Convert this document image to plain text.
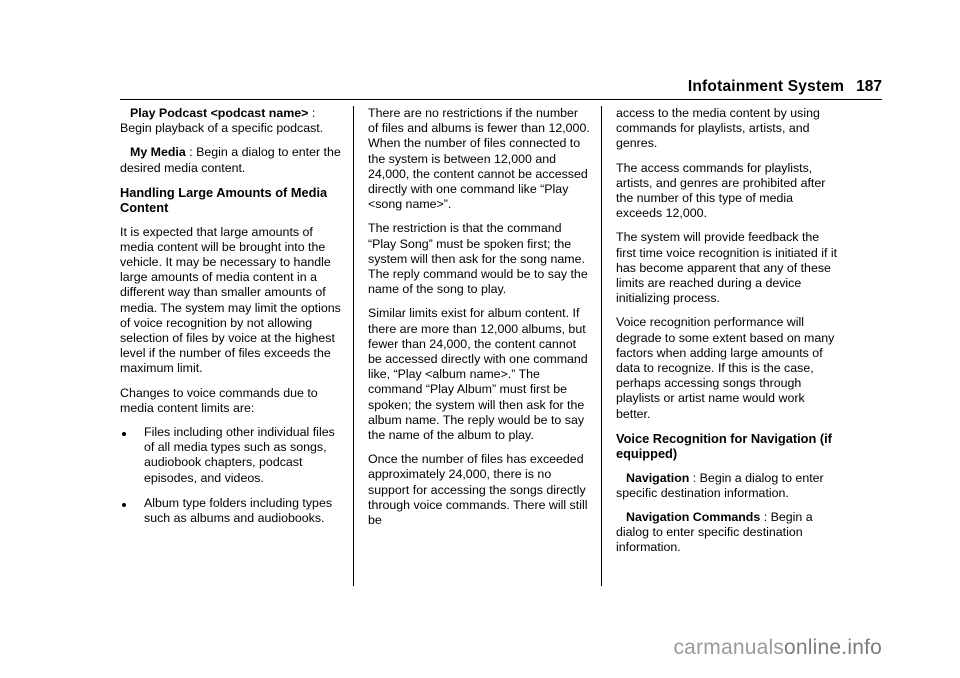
Infotainment System 187

Play Podcast <podcast name> : Begin playback of a specific podcast.

My Media : Begin a dialog to enter the desired media content.

Handling Large Amounts of Media Content

It is expected that large amounts of media content will be brought into the vehicle. It may be necessary to handle large amounts of media content in a different way than smaller amounts of media. The system may limit the options of voice recognition by not allowing selection of files by voice at the highest level if the number of files exceeds the maximum limit.

Changes to voice commands due to media content limits are:

Files including other individual files of all media types such as songs, audiobook chapters, podcast episodes, and videos.
Album type folders including types such as albums and audiobooks.

There are no restrictions if the number of files and albums is fewer than 12,000. When the number of files connected to the system is between 12,000 and 24,000, the content cannot be accessed directly with one command like “Play <song name>”.

The restriction is that the command “Play Song” must be spoken first; the system will then ask for the song name. The reply command would be to say the name of the song to play.

Similar limits exist for album content. If there are more than 12,000 albums, but fewer than 24,000, the content cannot be accessed directly with one command like, “Play <album name>.” The command “Play Album” must first be spoken; the system will then ask for the album name. The reply would be to say the name of the album to play.

Once the number of files has exceeded approximately 24,000, there is no support for accessing the songs directly through voice commands. There will still be

access to the media content by using commands for playlists, artists, and genres.

The access commands for playlists, artists, and genres are prohibited after the number of this type of media exceeds 12,000.

The system will provide feedback the first time voice recognition is initiated if it has become apparent that any of these limits are reached during a device initializing process.

Voice recognition performance will degrade to some extent based on many factors when adding large amounts of data to recognize. If this is the case, perhaps accessing songs through playlists or artist name would work better.

Voice Recognition for Navigation (if equipped)

Navigation : Begin a dialog to enter specific destination information.

Navigation Commands : Begin a dialog to enter specific destination information.

carmanualsonline.info
